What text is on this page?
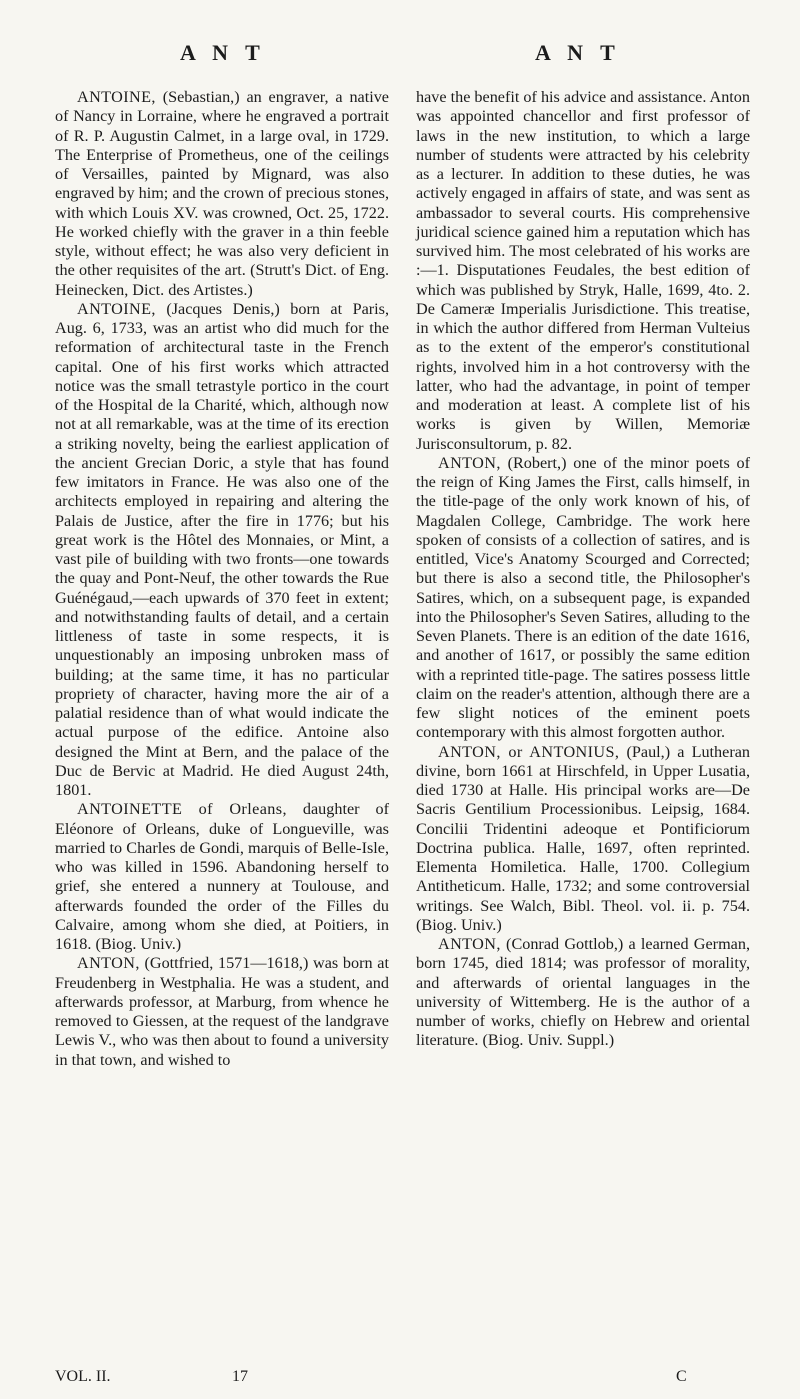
A N T	A N T

ANTOINE, (Sebastian,) an engraver, a native of Nancy in Lorraine, where he engraved a portrait of R. P. Augustin Calmet, in a large oval, in 1729. The Enterprise of Prometheus, one of the ceilings of Versailles, painted by Mignard, was also engraved by him; and the crown of precious stones, with which Louis XV. was crowned, Oct. 25, 1722. He worked chiefly with the graver in a thin feeble style, without effect; he was also very deficient in the other requisites of the art. (Strutt's Dict. of Eng. Heinecken, Dict. des Artistes.)

ANTOINE, (Jacques Denis,) born at Paris, Aug. 6, 1733, was an artist who did much for the reformation of architectural taste in the French capital. One of his first works which attracted notice was the small tetrastyle portico in the court of the Hospital de la Charité, which, although now not at all remarkable, was at the time of its erection a striking novelty, being the earliest application of the ancient Grecian Doric, a style that has found few imitators in France. He was also one of the architects employed in repairing and altering the Palais de Justice, after the fire in 1776; but his great work is the Hôtel des Monnaies, or Mint, a vast pile of building with two fronts—one towards the quay and Pont-Neuf, the other towards the Rue Guénégaud,—each upwards of 370 feet in extent; and notwithstanding faults of detail, and a certain littleness of taste in some respects, it is unquestionably an imposing unbroken mass of building; at the same time, it has no particular propriety of character, having more the air of a palatial residence than of what would indicate the actual purpose of the edifice. Antoine also designed the Mint at Bern, and the palace of the Duc de Bervic at Madrid. He died August 24th, 1801.

ANTOINETTE of Orleans, daughter of Eléonore of Orleans, duke of Longueville, was married to Charles de Gondi, marquis of Belle-Isle, who was killed in 1596. Abandoning herself to grief, she entered a nunnery at Toulouse, and afterwards founded the order of the Filles du Calvaire, among whom she died, at Poitiers, in 1618. (Biog. Univ.)

ANTON, (Gottfried, 1571—1618,) was born at Freudenberg in Westphalia. He was a student, and afterwards professor, at Marburg, from whence he removed to Giessen, at the request of the landgrave Lewis V., who was then about to found a university in that town, and wished to

have the benefit of his advice and assistance. Anton was appointed chancellor and first professor of laws in the new institution, to which a large number of students were attracted by his celebrity as a lecturer. In addition to these duties, he was actively engaged in affairs of state, and was sent as ambassador to several courts. His comprehensive juridical science gained him a reputation which has survived him. The most celebrated of his works are :—1. Disputationes Feudales, the best edition of which was published by Stryk, Halle, 1699, 4to. 2. De Cameræ Imperialis Jurisdictione. This treatise, in which the author differed from Herman Vulteius as to the extent of the emperor's constitutional rights, involved him in a hot controversy with the latter, who had the advantage, in point of temper and moderation at least. A complete list of his works is given by Willen, Memoriæ Jurisconsultorum, p. 82.

ANTON, (Robert,) one of the minor poets of the reign of King James the First, calls himself, in the title-page of the only work known of his, of Magdalen College, Cambridge. The work here spoken of consists of a collection of satires, and is entitled, Vice's Anatomy Scourged and Corrected; but there is also a second title, the Philosopher's Satires, which, on a subsequent page, is expanded into the Philosopher's Seven Satires, alluding to the Seven Planets. There is an edition of the date 1616, and another of 1617, or possibly the same edition with a reprinted title-page. The satires possess little claim on the reader's attention, although there are a few slight notices of the eminent poets contemporary with this almost forgotten author.

ANTON, or ANTONIUS, (Paul,) a Lutheran divine, born 1661 at Hirschfeld, in Upper Lusatia, died 1730 at Halle. His principal works are—De Sacris Gentilium Processionibus. Leipsig, 1684. Concilii Tridentini adeoque et Pontificiorum Doctrina publica. Halle, 1697, often reprinted. Elementa Homiletica. Halle, 1700. Collegium Antitheticum. Halle, 1732; and some controversial writings. See Walch, Bibl. Theol. vol. ii. p. 754. (Biog. Univ.)

ANTON, (Conrad Gottlob,) a learned German, born 1745, died 1814; was professor of morality, and afterwards of oriental languages in the university of Wittemberg. He is the author of a number of works, chiefly on Hebrew and oriental literature. (Biog. Univ. Suppl.)

VOL. II.	17	C
